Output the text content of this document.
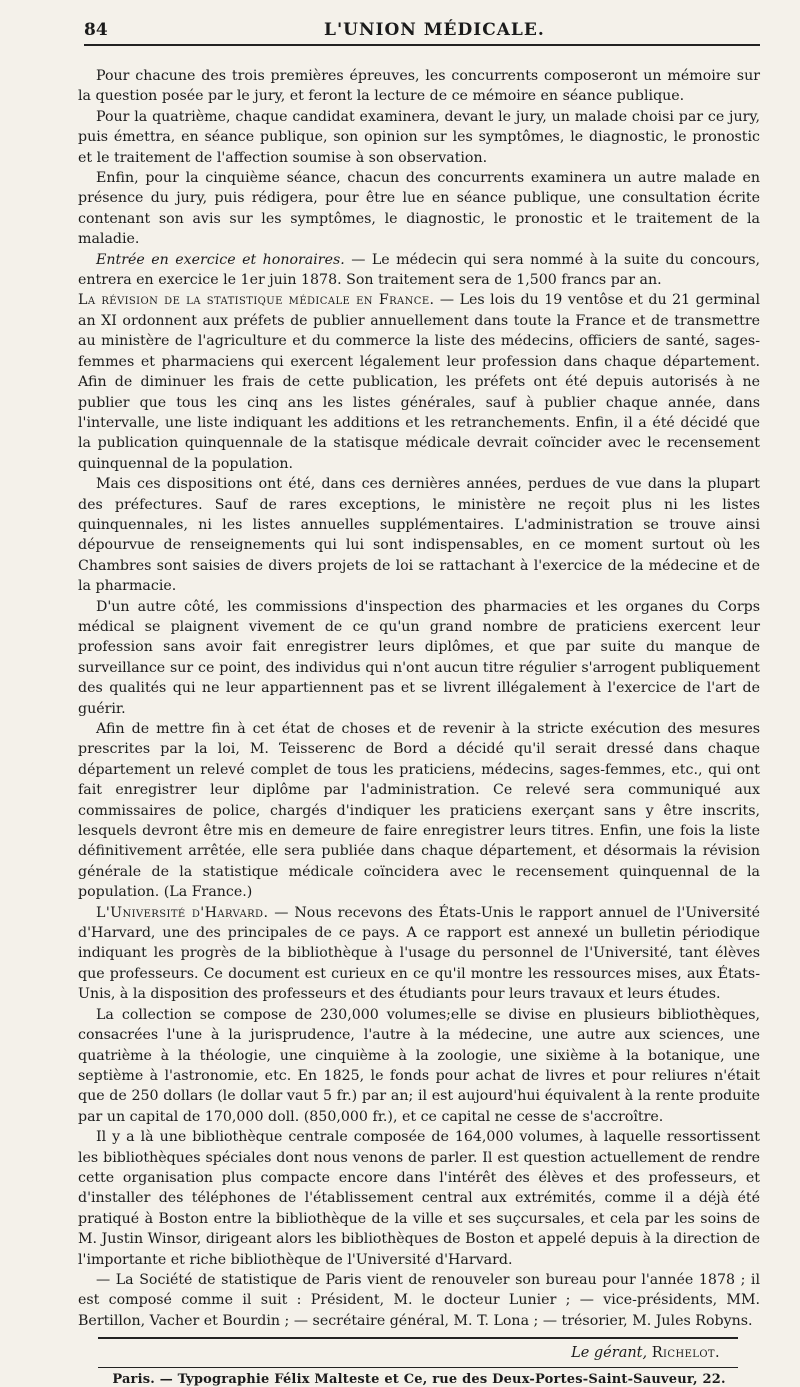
84	L'UNION MÉDICALE.

Pour chacune des trois premières épreuves, les concurrents composeront un mémoire sur la question posée par le jury, et feront la lecture de ce mémoire en séance publique.

Pour la quatrième, chaque candidat examinera, devant le jury, un malade choisi par ce jury, puis émettra, en séance publique, son opinion sur les symptômes, le diagnostic, le pronostic et le traitement de l'affection soumise à son observation.

Enfin, pour la cinquième séance, chacun des concurrents examinera un autre malade en présence du jury, puis rédigera, pour être lue en séance publique, une consultation écrite contenant son avis sur les symptômes, le diagnostic, le pronostic et le traitement de la maladie.

Entrée en exercice et honoraires. — Le médecin qui sera nommé à la suite du concours, entrera en exercice le 1er juin 1878. Son traitement sera de 1,500 francs par an.

La révision de la statistique médicale en France. — Les lois du 19 ventôse et du 21 germinal an XI ordonnent aux préfets de publier annuellement dans toute la France et de transmettre au ministère de l'agriculture et du commerce la liste des médecins, officiers de santé, sages-femmes et pharmaciens qui exercent légalement leur profession dans chaque département. Afin de diminuer les frais de cette publication, les préfets ont été depuis autorisés à ne publier que tous les cinq ans les listes générales, sauf à publier chaque année, dans l'intervalle, une liste indiquant les additions et les retranchements. Enfin, il a été décidé que la publication quinquennale de la statisque médicale devrait coïncider avec le recensement quinquennal de la population.

Mais ces dispositions ont été, dans ces dernières années, perdues de vue dans la plupart des préfectures. Sauf de rares exceptions, le ministère ne reçoit plus ni les listes quinquennales, ni les listes annuelles supplémentaires. L'administration se trouve ainsi dépourvue de renseignements qui lui sont indispensables, en ce moment surtout où les Chambres sont saisies de divers projets de loi se rattachant à l'exercice de la médecine et de la pharmacie.

D'un autre côté, les commissions d'inspection des pharmacies et les organes du Corps médical se plaignent vivement de ce qu'un grand nombre de praticiens exercent leur profession sans avoir fait enregistrer leurs diplômes, et que par suite du manque de surveillance sur ce point, des individus qui n'ont aucun titre régulier s'arrogent publiquement des qualités qui ne leur appartiennent pas et se livrent illégalement à l'exercice de l'art de guérir.

Afin de mettre fin à cet état de choses et de revenir à la stricte exécution des mesures prescrites par la loi, M. Teisserenc de Bord a décidé qu'il serait dressé dans chaque département un relevé complet de tous les praticiens, médecins, sages-femmes, etc., qui ont fait enregistrer leur diplôme par l'administration. Ce relevé sera communiqué aux commissaires de police, chargés d'indiquer les praticiens exerçant sans y être inscrits, lesquels devront être mis en demeure de faire enregistrer leurs titres. Enfin, une fois la liste définitivement arrêtée, elle sera publiée dans chaque département, et désormais la révision générale de la statistique médicale coïncidera avec le recensement quinquennal de la population. (La France.)

L'Université d'Harvard. — Nous recevons des États-Unis le rapport annuel de l'Université d'Harvard, une des principales de ce pays. A ce rapport est annexé un bulletin périodique indiquant les progrès de la bibliothèque à l'usage du personnel de l'Université, tant élèves que professeurs. Ce document est curieux en ce qu'il montre les ressources mises, aux États-Unis, à la disposition des professeurs et des étudiants pour leurs travaux et leurs études.

La collection se compose de 230,000 volumes;elle se divise en plusieurs bibliothèques, consacrées l'une à la jurisprudence, l'autre à la médecine, une autre aux sciences, une quatrième à la théologie, une cinquième à la zoologie, une sixième à la botanique, une septième à l'astronomie, etc. En 1825, le fonds pour achat de livres et pour reliures n'était que de 250 dollars (le dollar vaut 5 fr.) par an; il est aujourd'hui équivalent à la rente produite par un capital de 170,000 doll. (850,000 fr.), et ce capital ne cesse de s'accroître.

Il y a là une bibliothèque centrale composée de 164,000 volumes, à laquelle ressortissent les bibliothèques spéciales dont nous venons de parler. Il est question actuellement de rendre cette organisation plus compacte encore dans l'intérêt des élèves et des professeurs, et d'installer des téléphones de l'établissement central aux extrémités, comme il a déjà été pratiqué à Boston entre la bibliothèque de la ville et ses suçcursales, et cela par les soins de M. Justin Winsor, dirigeant alors les bibliothèques de Boston et appelé depuis à la direction de l'importante et riche bibliothèque de l'Université d'Harvard.

— La Société de statistique de Paris vient de renouveler son bureau pour l'année 1878 ; il est composé comme il suit : Président, M. le docteur Lunier ; — vice-présidents, MM. Bertillon, Vacher et Bourdin ; — secrétaire général, M. T. Lona ; — trésorier, M. Jules Robyns.

Le gérant, Richelot.
Paris. — Typographie Félix Malteste et Ce, rue des Deux-Portes-Saint-Sauveur, 22.
